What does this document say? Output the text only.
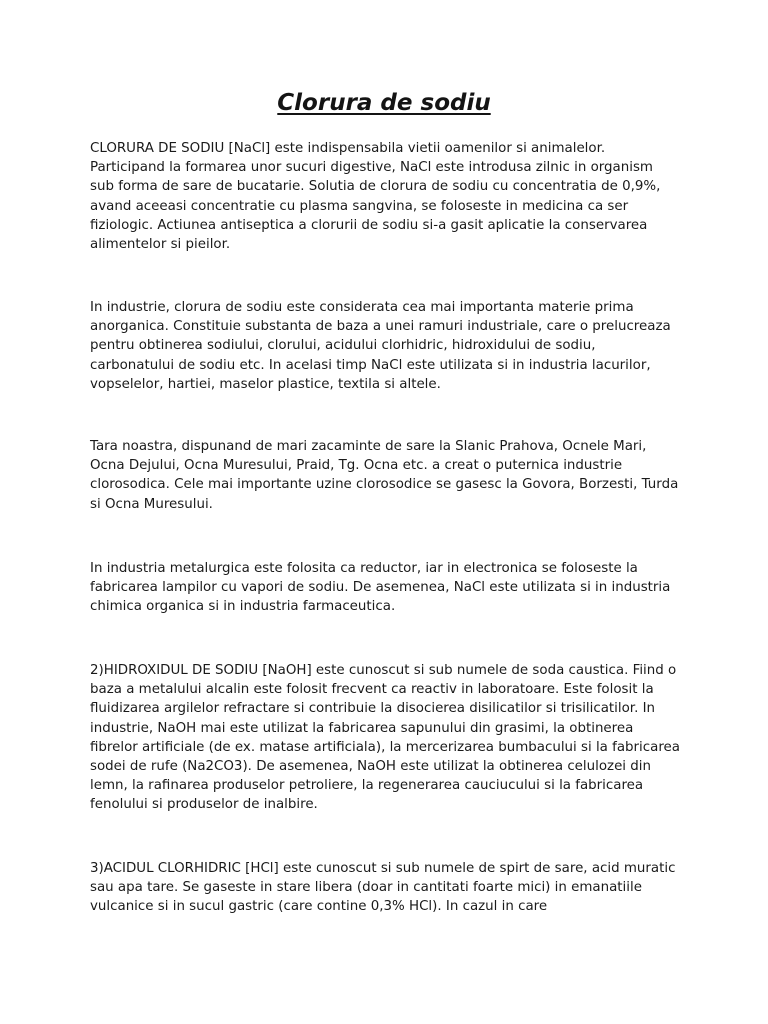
Clorura de sodiu

CLORURA DE SODIU [NaCl] este indispensabila vietii oamenilor si animalelor. Participand la formarea unor sucuri digestive, NaCl este introdusa zilnic in organism sub forma de sare de bucatarie. Solutia de clorura de sodiu cu concentratia de 0,9%, avand aceeasi concentratie cu plasma sangvina, se foloseste in medicina ca ser fiziologic. Actiunea antiseptica a clorurii de sodiu si-a gasit aplicatie la conservarea alimentelor si pieilor.

In industrie, clorura de sodiu este considerata cea mai importanta materie prima anorganica. Constituie substanta de baza a unei ramuri industriale, care o prelucreaza pentru obtinerea sodiului, clorului, acidului clorhidric, hidroxidului de sodiu, carbonatului de sodiu etc. In acelasi timp NaCl este utilizata si in industria lacurilor, vopselelor, hartiei, maselor plastice, textila si altele.

Tara noastra, dispunand de mari zacaminte de sare la Slanic Prahova, Ocnele Mari, Ocna Dejului, Ocna Muresului, Praid, Tg. Ocna etc. a creat o puternica industrie clorosodica. Cele mai importante uzine clorosodice se gasesc la Govora, Borzesti, Turda si Ocna Muresului.

In industria metalurgica este folosita ca reductor, iar in electronica se foloseste la fabricarea lampilor cu vapori de sodiu. De asemenea, NaCl este utilizata si in industria chimica organica si in industria farmaceutica.

2)HIDROXIDUL DE SODIU [NaOH] este cunoscut si sub numele de soda caustica. Fiind o baza a metalului alcalin este folosit frecvent ca reactiv in laboratoare. Este folosit la fluidizarea argilelor refractare si contribuie la disocierea disilicatilor si trisilicatilor. In industrie, NaOH mai este utilizat la fabricarea sapunului din grasimi, la obtinerea fibrelor artificiale (de ex. matase artificiala), la mercerizarea bumbacului si la fabricarea sodei de rufe (Na2CO3). De asemenea, NaOH este utilizat la obtinerea celulozei din lemn, la rafinarea produselor petroliere, la regenerarea cauciucului si la fabricarea fenolului si produselor de inalbire.

3)ACIDUL CLORHIDRIC [HCl] este cunoscut si sub numele de spirt de sare, acid muratic sau apa tare. Se gaseste in stare libera (doar in cantitati foarte mici) in emanatiile vulcanice si in sucul gastric (care contine 0,3% HCl). In cazul in care
